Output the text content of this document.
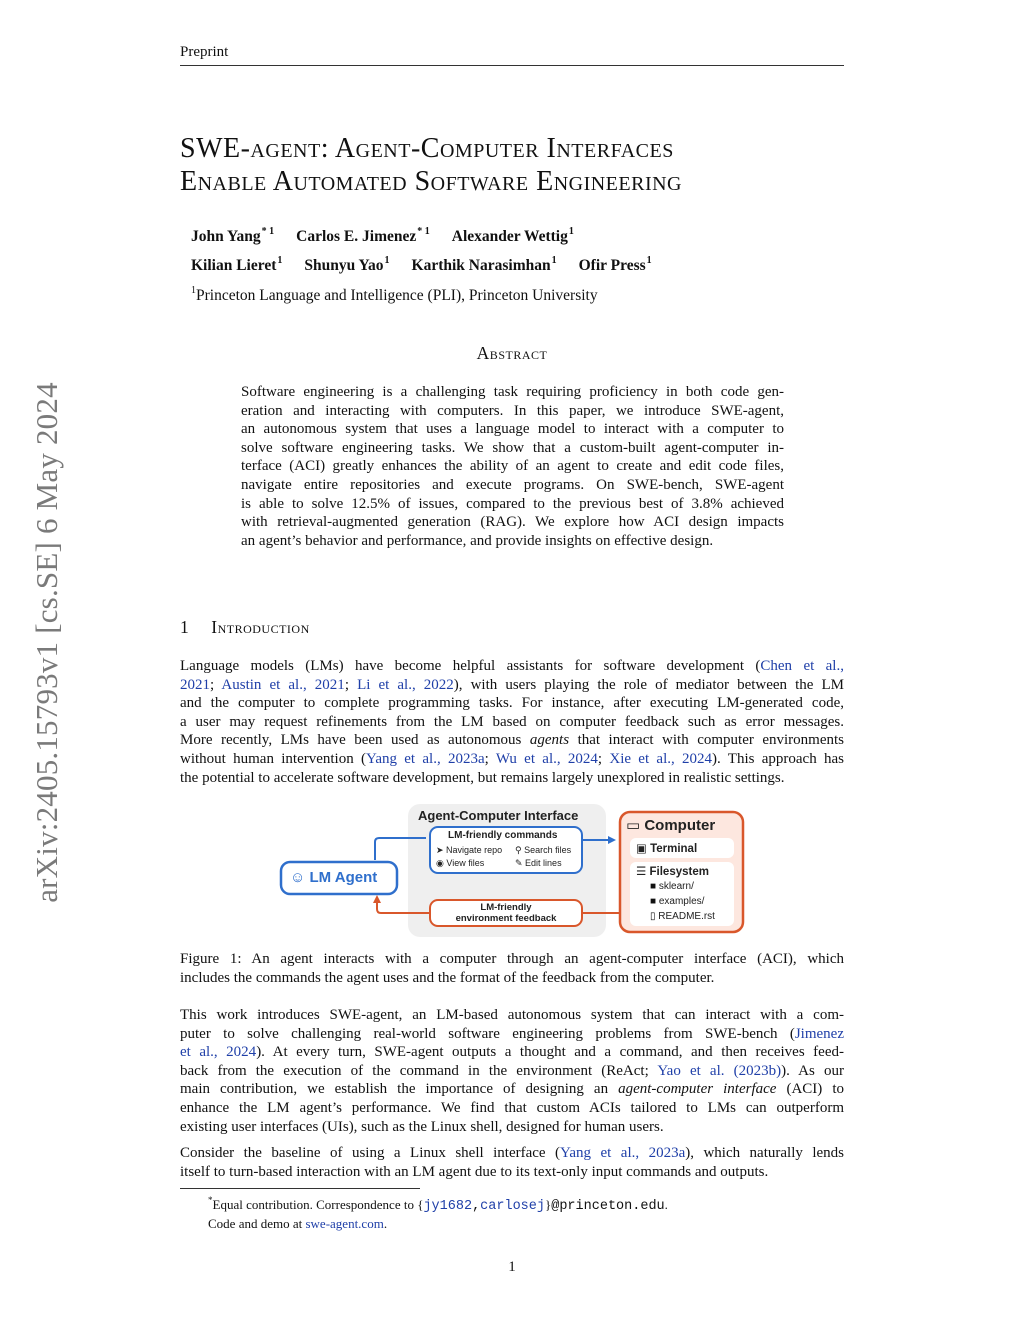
Preprint
arXiv:2405.15793v1 [cs.SE] 6 May 2024
SWE-agent: Agent-Computer Interfaces
Enable Automated Software Engineering
John Yang$^{* 1}$ Carlos E. Jimenez$^{* 1}$ Alexander Wettig$^1$
Kilian Lieret$^1$ Shunyu Yao$^1$ Karthik Narasimhan$^1$ Ofir Press$^1$
$^1$Princeton Language and Intelligence (PLI), Princeton University
Abstract
Software engineering is a challenging task requiring proficiency in both code gen-
eration and interacting with computers. In this paper, we introduce SWE-agent,
an autonomous system that uses a language model to interact with a computer to
solve software engineering tasks. We show that a custom-built agent-computer in-
terface (ACI) greatly enhances the ability of an agent to create and edit code files,
navigate entire repositories and execute programs. On SWE-bench, SWE-agent
is able to solve 12.5% of issues, compared to the previous best of 3.8% achieved
with retrieval-augmented generation (RAG). We explore how ACI design impacts
an agent’s behavior and performance, and provide insights on effective design.
1 Introduction
Language models (LMs) have become helpful assistants for software development (Chen et al.,
2021; Austin et al., 2021; Li et al., 2022), with users playing the role of mediator between the LM
and the computer to complete programming tasks. For instance, after executing LM-generated code,
a user may request refinements from the LM based on computer feedback such as error messages.
More recently, LMs have been used as autonomous agents that interact with computer environments
without human intervention (Yang et al., 2023a; Wu et al., 2024; Xie et al., 2024). This approach has
the potential to accelerate software development, but remains largely unexplored in realistic settings.
Agent-Computer Interface
LM-friendly commands
➤ Navigate repo ⚲ Search files
◉ View files	✎ Edit lines
LM-friendly
environment feedback
☺ LM Agent
▭ Computer
▣ Terminal
☰ Filesystem
■ sklearn/
■ examples/
▯ README.rst
Figure 1: An agent interacts with a computer through an agent-computer interface (ACI), which
includes the commands the agent uses and the format of the feedback from the computer.
This work introduces SWE-agent, an LM-based autonomous system that can interact with a com-
puter to solve challenging real-world software engineering problems from SWE-bench (Jimenez
et al., 2024). At every turn, SWE-agent outputs a thought and a command, and then receives feed-
back from the execution of the command in the environment (ReAct; Yao et al. (2023b)). As our
main contribution, we establish the importance of designing an agent-computer interface (ACI) to
enhance the LM agent’s performance. We find that custom ACIs tailored to LMs can outperform
existing user interfaces (UIs), such as the Linux shell, designed for human users.
Consider the baseline of using a Linux shell interface (Yang et al., 2023a), which naturally lends
itself to turn-based interaction with an LM agent due to its text-only input commands and outputs.
*Equal contribution. Correspondence to {jy1682,carlosej}@princeton.edu.
Code and demo at swe-agent.com.
1
